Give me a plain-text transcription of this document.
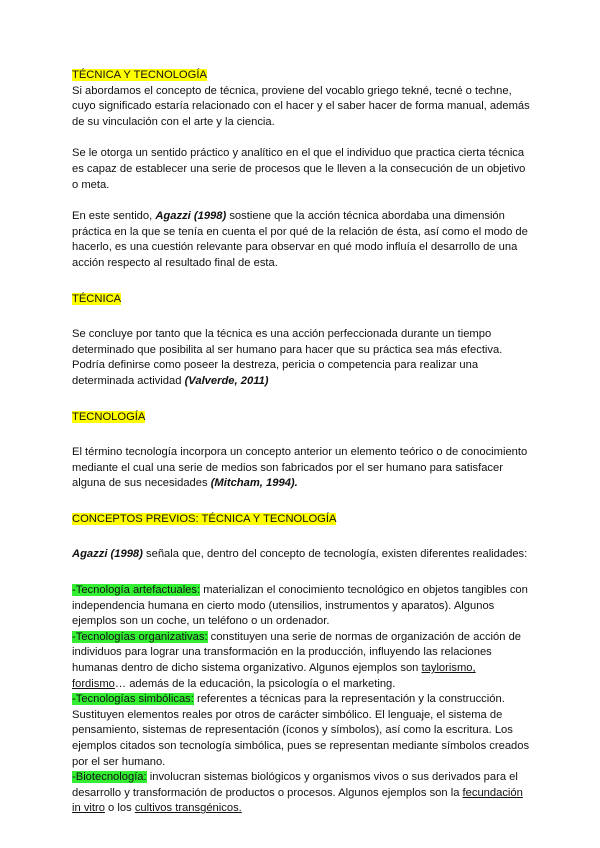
TÉCNICA Y TECNOLOGÍA

Si abordamos el concepto de técnica, proviene del vocablo griego tekné, tecné o techne, cuyo significado estaría relacionado con el hacer y el saber hacer de forma manual, además de su vinculación con el arte y la ciencia.

Se le otorga un sentido práctico y analítico en el que el individuo que practica cierta técnica es capaz de establecer una serie de procesos que le lleven a la consecución de un objetivo o meta.

En este sentido, Agazzi (1998) sostiene que la acción técnica abordaba una dimensión práctica en la que se tenía en cuenta el por qué de la relación de ésta, así como el modo de hacerlo, es una cuestión relevante para observar en qué modo influía el desarrollo de una acción respecto al resultado final de esta.

TÉCNICA

Se concluye por tanto que la técnica es una acción perfeccionada durante un tiempo determinado que posibilita al ser humano para hacer que su práctica sea más efectiva. Podría definirse como poseer la destreza, pericia o competencia para realizar una determinada actividad (Valverde, 2011)

TECNOLOGÍA

El término tecnología incorpora un concepto anterior un elemento teórico o de conocimiento mediante el cual una serie de medios son fabricados por el ser humano para satisfacer alguna de sus necesidades (Mitcham, 1994).

CONCEPTOS PREVIOS: TÉCNICA Y TECNOLOGÍA

Agazzi (1998) señala que, dentro del concepto de tecnología, existen diferentes realidades:

-Tecnología artefactuales: materializan el conocimiento tecnológico en objetos tangibles con independencia humana en cierto modo (utensilios, instrumentos y aparatos). Algunos ejemplos son un coche, un teléfono o un ordenador.

-Tecnologías organizativas: constituyen una serie de normas de organización de acción de individuos para lograr una transformación en la producción, influyendo las relaciones humanas dentro de dicho sistema organizativo. Algunos ejemplos son taylorismo, fordismo… además de la educación, la psicología o el marketing.

-Tecnologías simbólicas: referentes a técnicas para la representación y la construcción. Sustituyen elementos reales por otros de carácter simbólico. El lenguaje, el sistema de pensamiento, sistemas de representación (íconos y símbolos), así como la escritura. Los ejemplos citados son tecnología simbólica, pues se representan mediante símbolos creados por el ser humano.

-Biotecnología: involucran sistemas biológicos y organismos vivos o sus derivados para el desarrollo y transformación de productos o procesos. Algunos ejemplos son la fecundación in vitro o los cultivos transgénicos.
